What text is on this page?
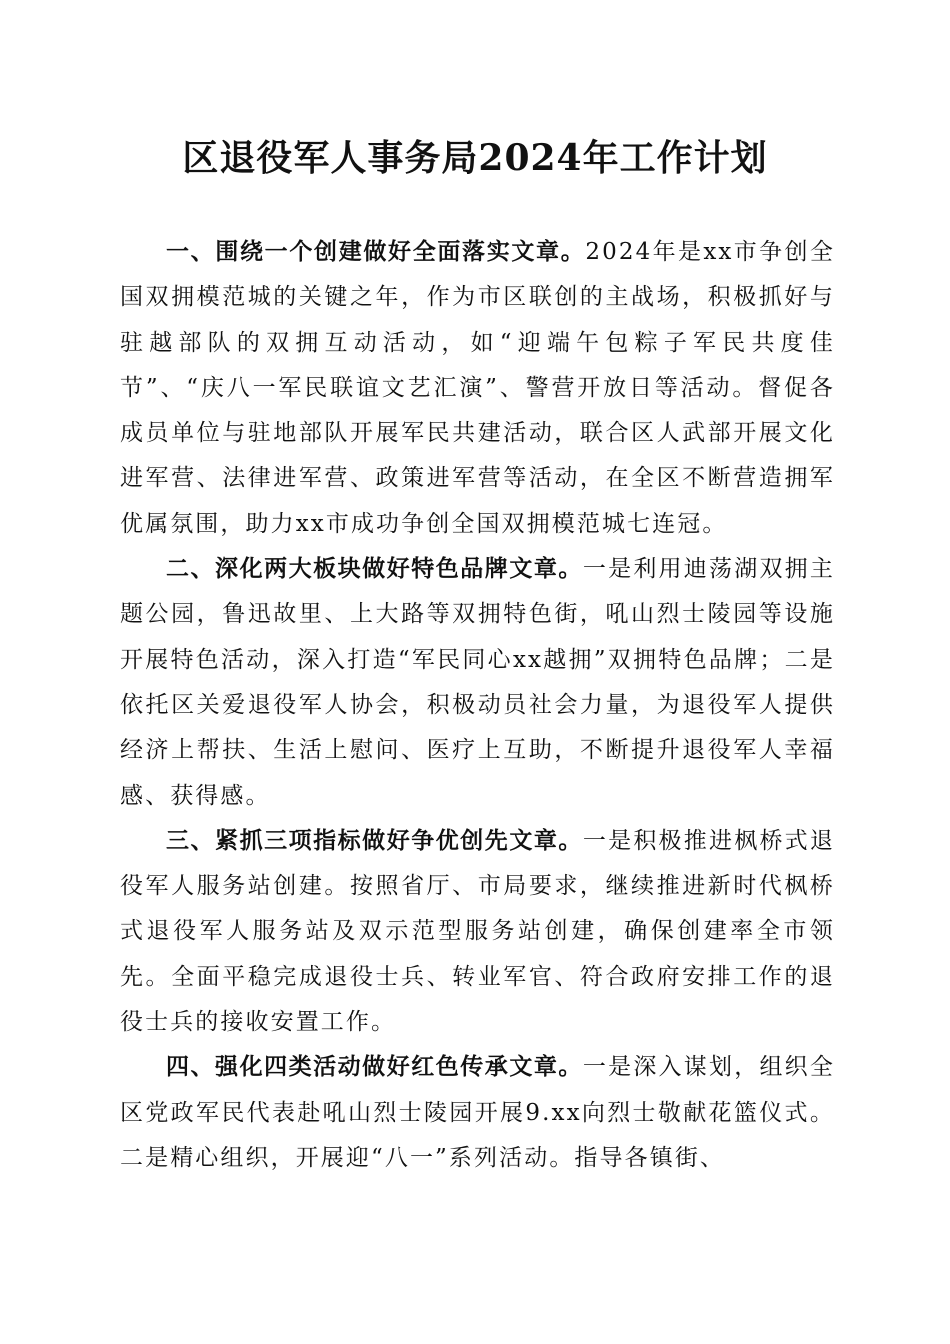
区退役军人事务局2024年工作计划

一、围绕一个创建做好全面落实文章。2024年是xx市争创全国双拥模范城的关键之年，作为市区联创的主战场，积极抓好与驻越部队的双拥互动活动，如“迎端午包粽子军民共度佳节”、“庆八一军民联谊文艺汇演”、警营开放日等活动。督促各成员单位与驻地部队开展军民共建活动，联合区人武部开展文化进军营、法律进军营、政策进军营等活动，在全区不断营造拥军优属氛围，助力xx市成功争创全国双拥模范城七连冠。

二、深化两大板块做好特色品牌文章。一是利用迪荡湖双拥主题公园，鲁迅故里、上大路等双拥特色街，吼山烈士陵园等设施开展特色活动，深入打造“军民同心xx越拥”双拥特色品牌；二是依托区关爱退役军人协会，积极动员社会力量，为退役军人提供经济上帮扶、生活上慰问、医疗上互助，不断提升退役军人幸福感、获得感。

三、紧抓三项指标做好争优创先文章。一是积极推进枫桥式退役军人服务站创建。按照省厅、市局要求，继续推进新时代枫桥式退役军人服务站及双示范型服务站创建，确保创建率全市领先。全面平稳完成退役士兵、转业军官、符合政府安排工作的退役士兵的接收安置工作。

四、强化四类活动做好红色传承文章。一是深入谋划，组织全区党政军民代表赴吼山烈士陵园开展9.xx向烈士敬献花篮仪式。二是精心组织，开展迎“八一”系列活动。指导各镇街、
